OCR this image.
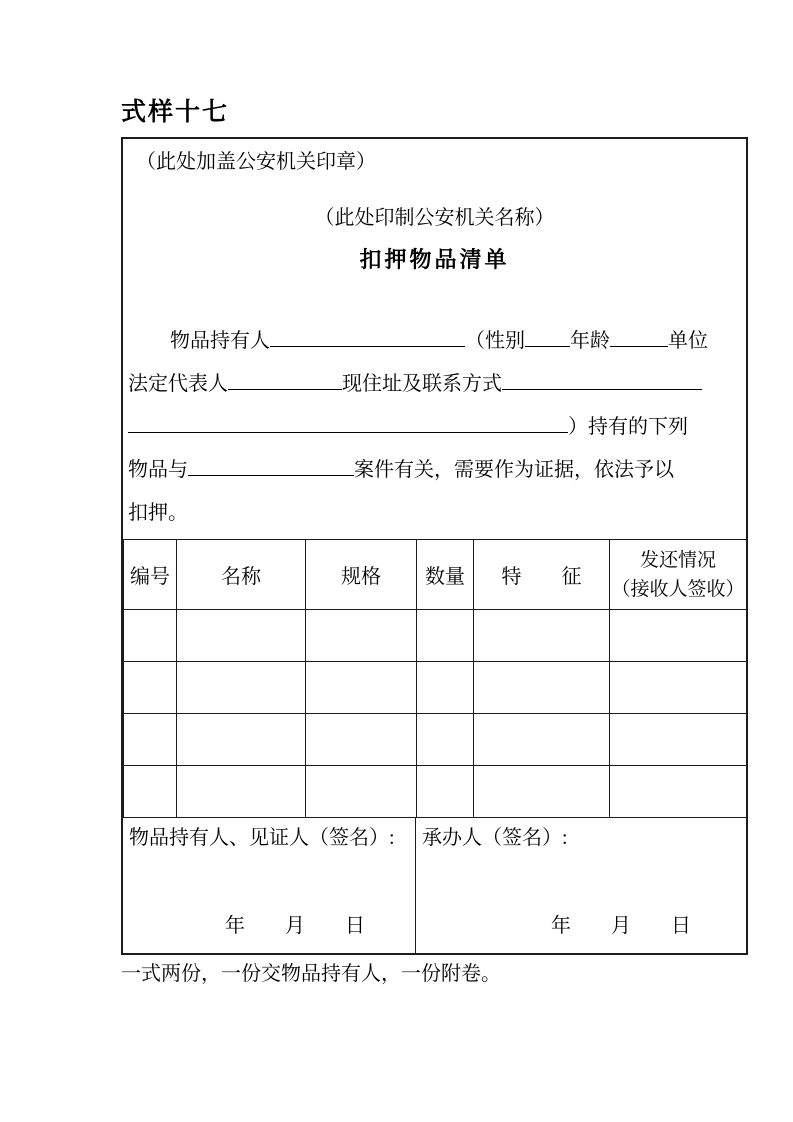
式样十七
（此处加盖公安机关印章）
（此处印制公安机关名称）
扣押物品清单
物品持有人	（性别 年龄	单位
法定代表人	现住址及联系方式
）持有的下列
物品与	案件有关，需要作为证据，依法予以
扣押。
编号	名称	规格	数量	特　　征	发还情况
（接收人签收）

物品持有人、见证人（签名）:
年　　月　　日
承办人（签名）:
年　　月　　日
一式两份，一份交物品持有人，一份附卷。
